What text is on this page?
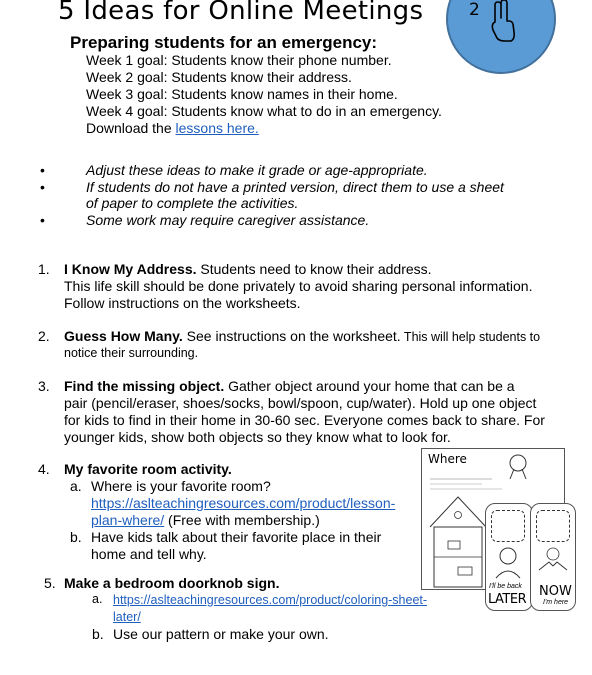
5 Ideas for Online Meetings	2
Preparing students for an emergency:
Week 1 goal: Students know their phone number.
Week 2 goal: Students know their address.
Week 3 goal: Students know names in their home.
Week 4 goal: Students know what to do in an emergency.
Download the lessons here.
•	Adjust these ideas to make it grade or age-appropriate.
•	If students do not have a printed version, direct them to use a sheet of paper to complete the activities.
•	Some work may require caregiver assistance.
1. I Know My Address. Students need to know their address.
This life skill should be done privately to avoid sharing personal information.
Follow instructions on the worksheets.
2. Guess How Many. See instructions on the worksheet. This will help students to
notice their surrounding.
3. Find the missing object. Gather object around your home that can be a
pair (pencil/eraser, shoes/socks, bowl/spoon, cup/water). Hold up one object
for kids to find in their home in 30-60 sec. Everyone comes back to share. For
younger kids, show both objects so they know what to look for.
4. My favorite room activity.
a. Where is your favorite room?
https://aslteachingresources.com/product/lesson-
plan-where/ (Free with membership.)
b. Have kids talk about their favorite place in their
home and tell why.
5. Make a bedroom doorknob sign.
a. https://aslteachingresources.com/product/coloring-sheet-
later/
b. Use our pattern or make your own.
Where
I'll be back
LATER
NOW
I'm here
